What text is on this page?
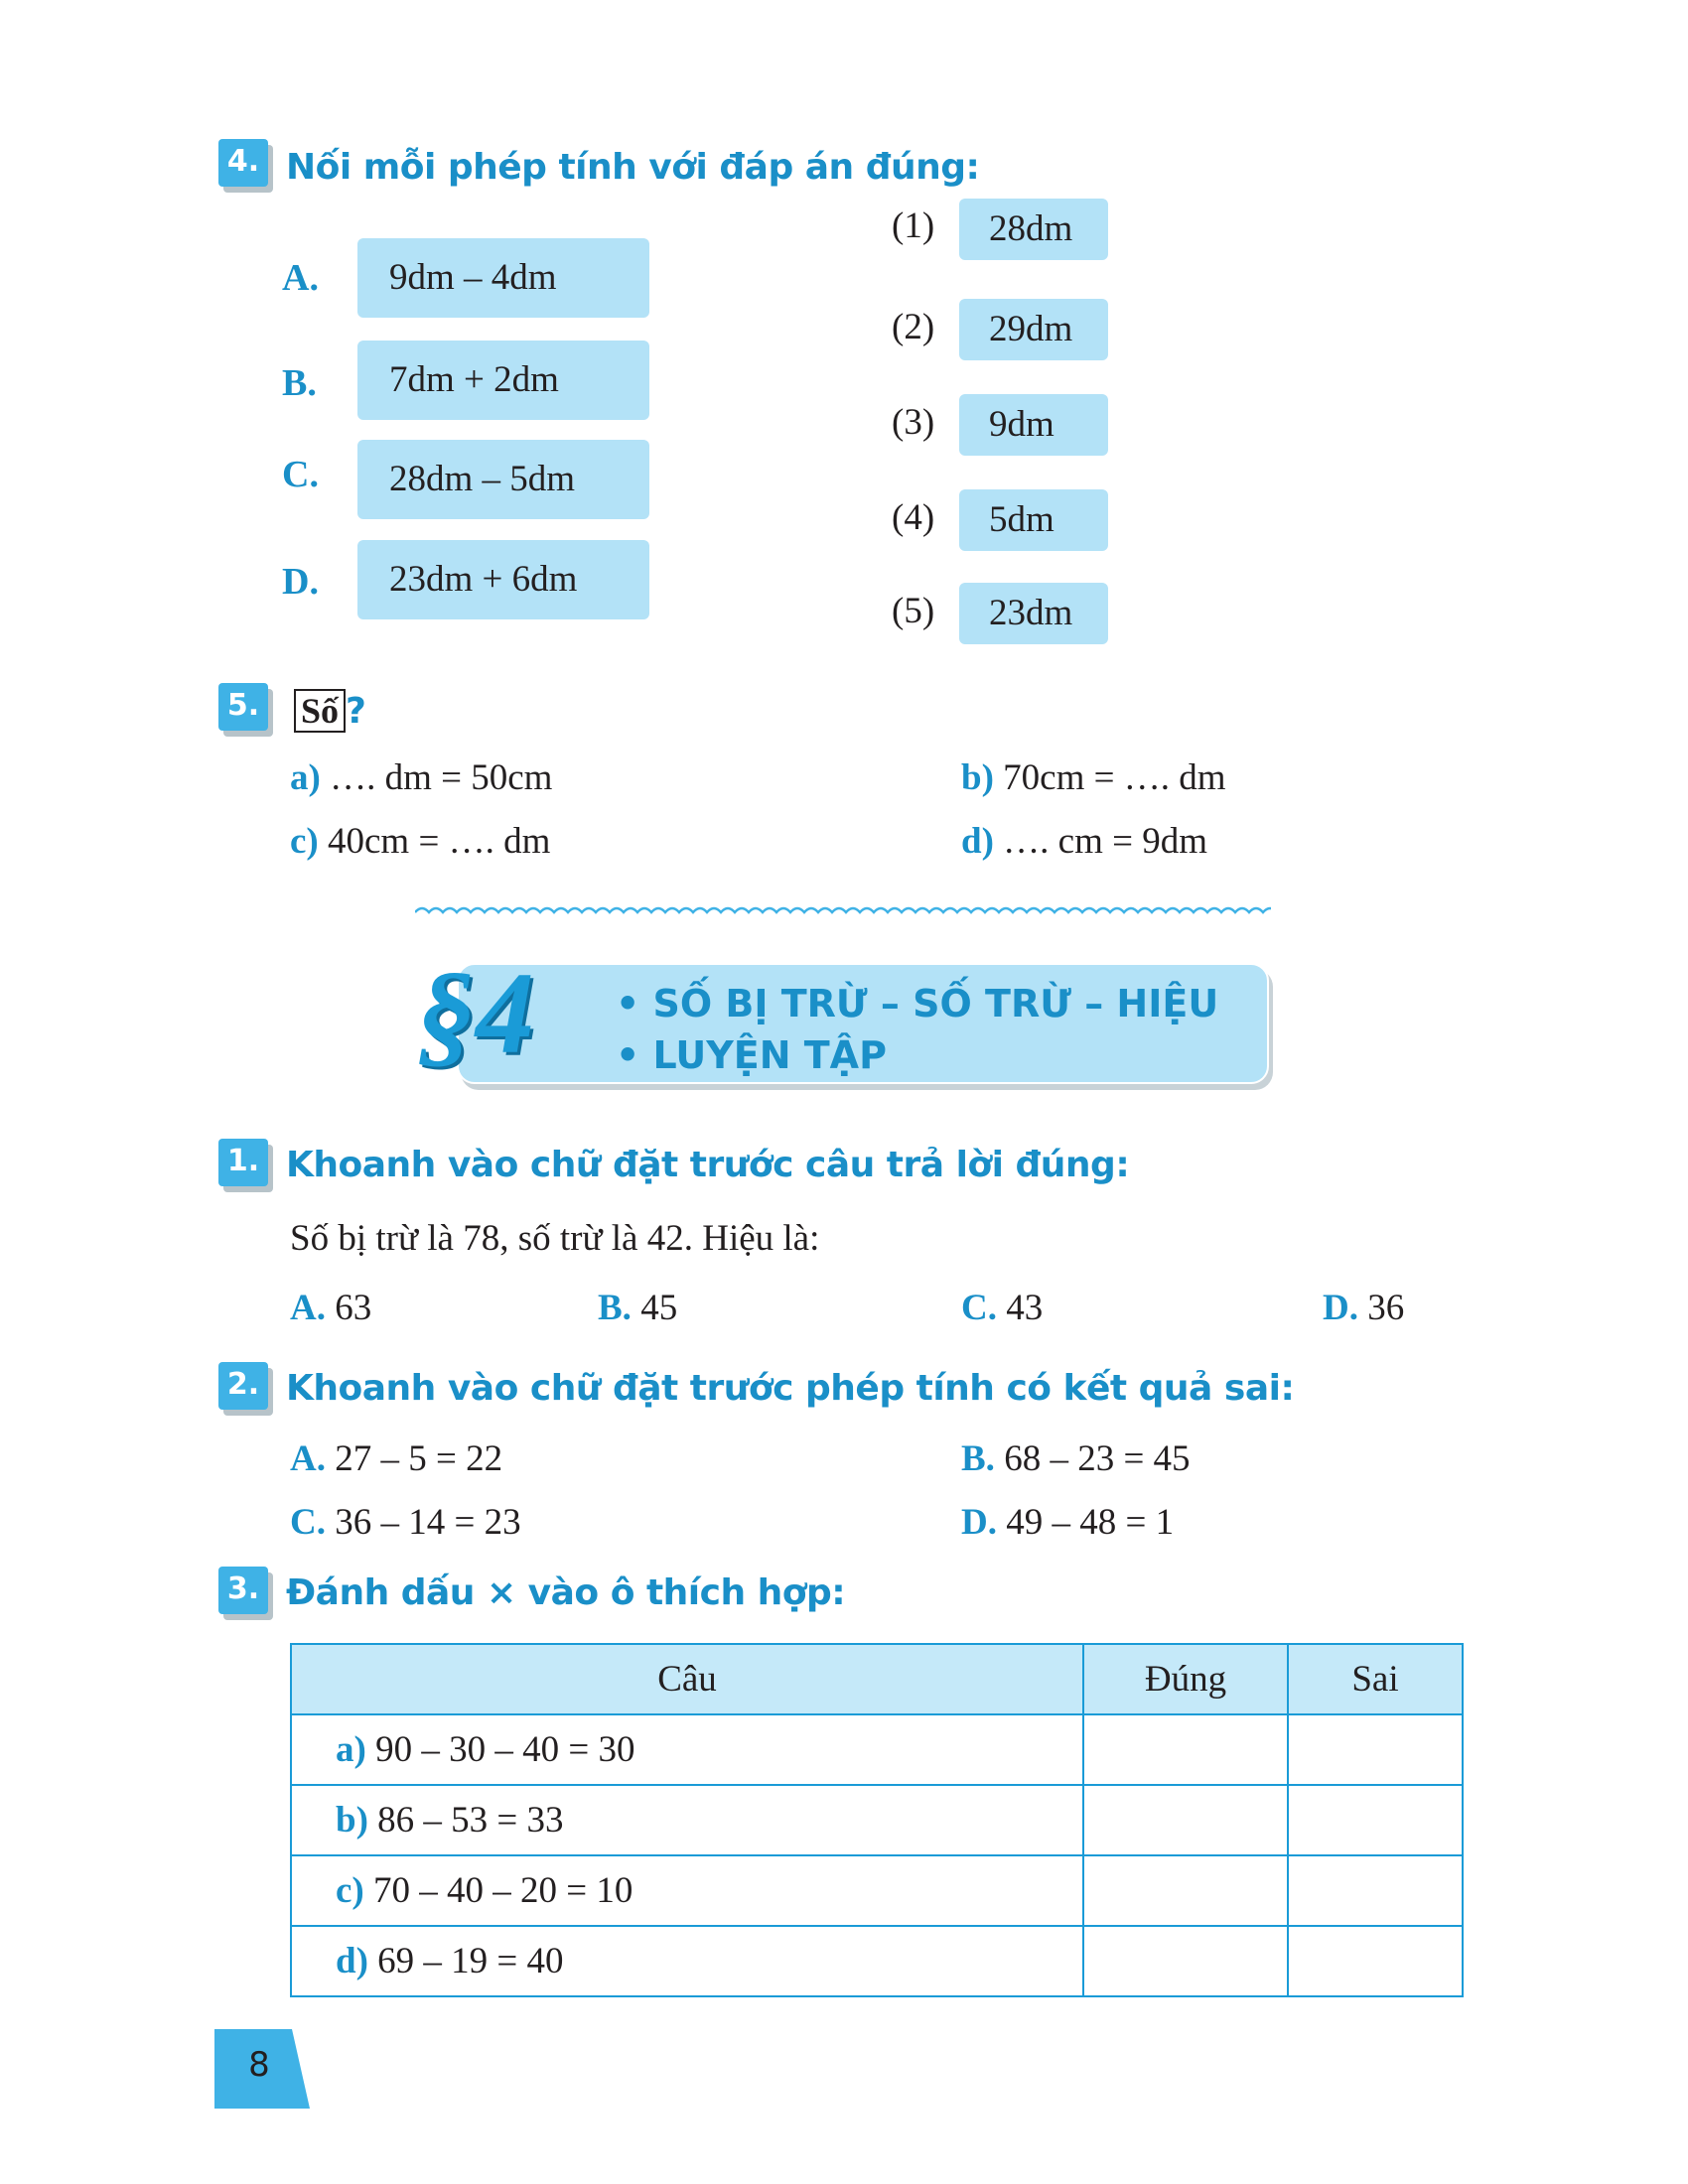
4. Nối mỗi phép tính với đáp án đúng:
A.	9dm – 4dm
B.	7dm + 2dm
C.	28dm – 5dm
D.	23dm + 6dm
(1)	28dm
(2)	29dm
(3)	9dm
(4)	5dm
(5)	23dm
5. Số ?
a) …. dm = 50cm	b) 70cm = …. dm
c) 40cm = …. dm	d) …. cm = 9dm
§4 • SỐ BỊ TRỪ – SỐ TRỪ – HIỆU
• LUYỆN TẬP
1. Khoanh vào chữ đặt trước câu trả lời đúng:
Số bị trừ là 78, số trừ là 42. Hiệu là:
A. 63	B. 45	C. 43	D. 36
2. Khoanh vào chữ đặt trước phép tính có kết quả sai:
A. 27 – 5 = 22	B. 68 – 23 = 45
C. 36 – 14 = 23	D. 49 – 48 = 1
3. Đánh dấu × vào ô thích hợp:
Câu	Đúng	Sai
a) 90 – 30 – 40 = 30		
b) 86 – 53 = 33		
c) 70 – 40 – 20 = 10		
d) 69 – 19 = 40		
8
